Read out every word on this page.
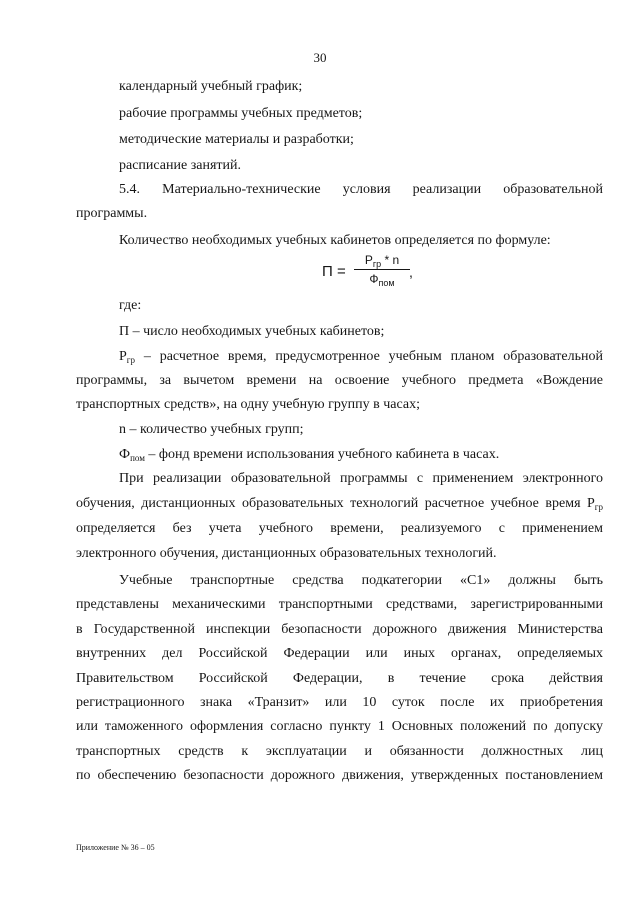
30
календарный учебный график;
рабочие программы учебных предметов;
методические материалы и разработки;
расписание занятий.
5.4. Материально-технические условия реализации образовательной
программы.
Количество необходимых учебных кабинетов определяется по формуле:
П =
$P_{гр}$ * n
$Ф_{пом}$
,
где:
П – число необходимых учебных кабинетов;
$Р_{гр}$ – расчетное время, предусмотренное учебным планом образовательной
программы, за вычетом времени на освоение учебного предмета «Вождение
транспортных средств», на одну учебную группу в часах;
n – количество учебных групп;
$Ф_{пом}$ – фонд времени использования учебного кабинета в часах.
При реализации образовательной программы с применением электронного
обучения, дистанционных образовательных технологий расчетное учебное время $Р_{гр}$
определяется без учета учебного времени, реализуемого с применением
электронного обучения, дистанционных образовательных технологий.
Учебные транспортные средства подкатегории «С1» должны быть
представлены механическими транспортными средствами, зарегистрированными
в Государственной инспекции безопасности дорожного движения Министерства
внутренних дел Российской Федерации или иных органах, определяемых
Правительством Российской Федерации, в течение срока действия
регистрационного знака «Транзит» или 10 суток после их приобретения
или таможенного оформления согласно пункту 1 Основных положений по допуску
транспортных средств к эксплуатации и обязанности должностных лиц
по обеспечению безопасности дорожного движения, утвержденных постановлением
Приложение № 36 – 05
